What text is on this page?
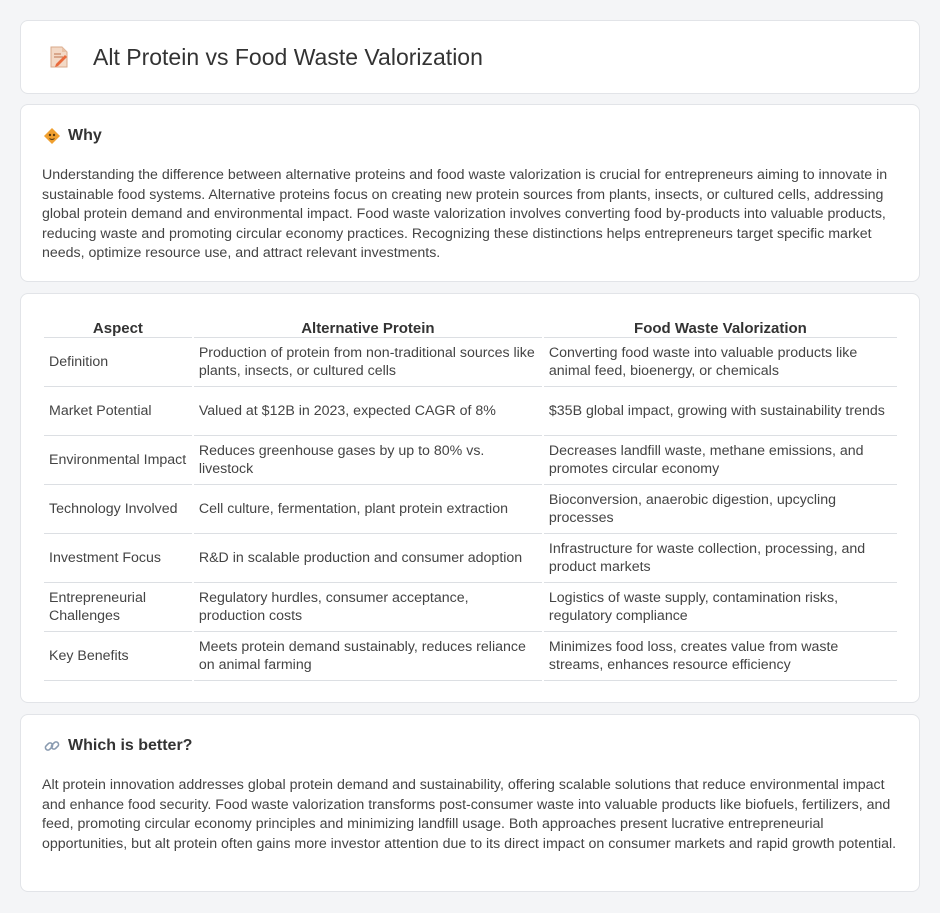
Alt Protein vs Food Waste Valorization
Why

Understanding the difference between alternative proteins and food waste valorization is crucial for entrepreneurs aiming to innovate in sustainable food systems. Alternative proteins focus on creating new protein sources from plants, insects, or cultured cells, addressing global protein demand and environmental impact. Food waste valorization involves converting food by-products into valuable products, reducing waste and promoting circular economy practices. Recognizing these distinctions helps entrepreneurs target specific market needs, optimize resource use, and attract relevant investments.

Aspect	Alternative Protein	Food Waste Valorization
Definition	Production of protein from non-traditional sources like plants, insects, or cultured cells	Converting food waste into valuable products like animal feed, bioenergy, or chemicals
Market Potential	Valued at $12B in 2023, expected CAGR of 8%	$35B global impact, growing with sustainability trends
Environmental Impact	Reduces greenhouse gases by up to 80% vs. livestock	Decreases landfill waste, methane emissions, and promotes circular economy
Technology Involved	Cell culture, fermentation, plant protein extraction	Bioconversion, anaerobic digestion, upcycling processes
Investment Focus	R&D in scalable production and consumer adoption	Infrastructure for waste collection, processing, and product markets
Entrepreneurial Challenges	Regulatory hurdles, consumer acceptance, production costs	Logistics of waste supply, contamination risks, regulatory compliance
Key Benefits	Meets protein demand sustainably, reduces reliance on animal farming	Minimizes food loss, creates value from waste streams, enhances resource efficiency
Which is better?

Alt protein innovation addresses global protein demand and sustainability, offering scalable solutions that reduce environmental impact and enhance food security. Food waste valorization transforms post-consumer waste into valuable products like biofuels, fertilizers, and feed, promoting circular economy principles and minimizing landfill usage. Both approaches present lucrative entrepreneurial opportunities, but alt protein often gains more investor attention due to its direct impact on consumer markets and rapid growth potential.
